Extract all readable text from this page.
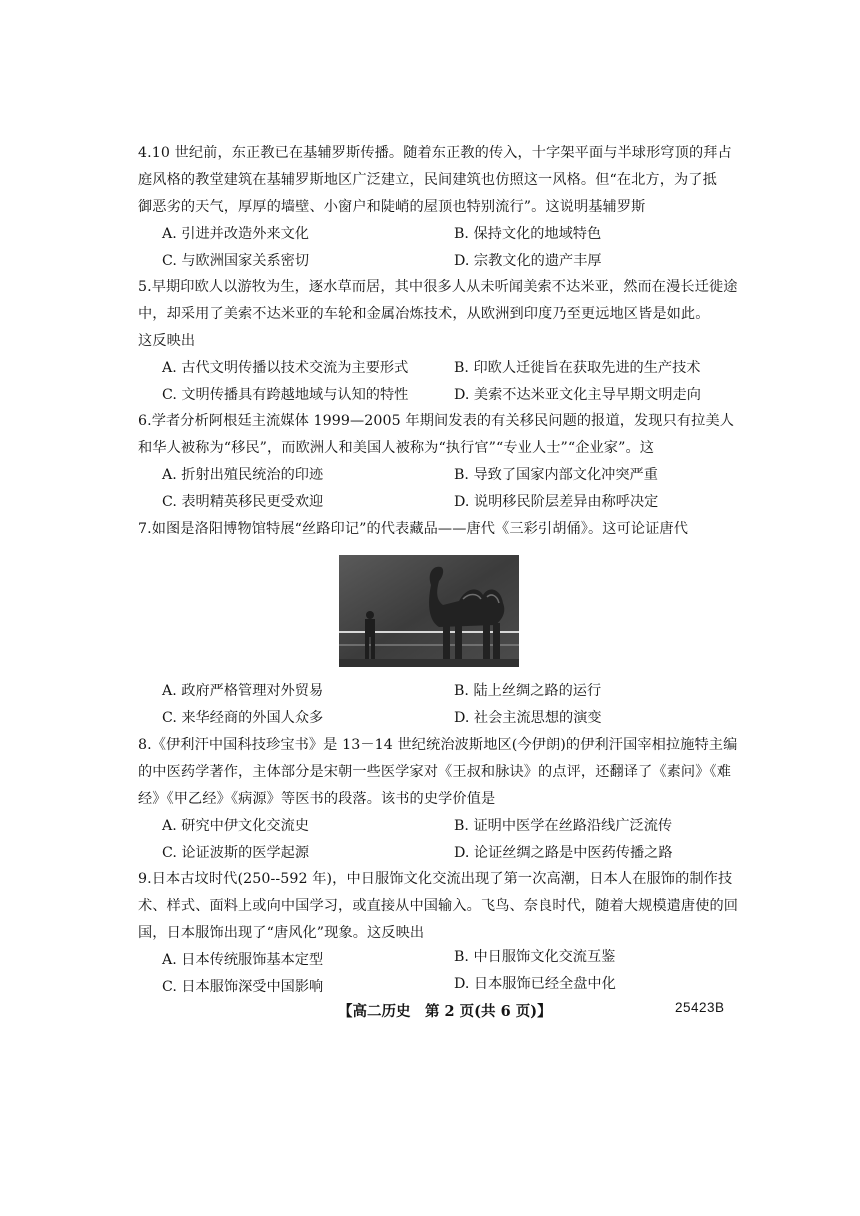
4.10 世纪前，东正教已在基辅罗斯传播。随着东正教的传入，十字架平面与半球形穹顶的拜占
庭风格的教堂建筑在基辅罗斯地区广泛建立，民间建筑也仿照这一风格。但“在北方，为了抵
御恶劣的天气，厚厚的墙壁、小窗户和陡峭的屋顶也特别流行”。这说明基辅罗斯
A. 引进并改造外来文化	B. 保持文化的地域特色
C. 与欧洲国家关系密切	D. 宗教文化的遗产丰厚
5.早期印欧人以游牧为生，逐水草而居，其中很多人从未听闻美索不达米亚，然而在漫长迁徙途
中，却采用了美索不达米亚的车轮和金属冶炼技术，从欧洲到印度乃至更远地区皆是如此。
这反映出
A. 古代文明传播以技术交流为主要形式	B. 印欧人迁徙旨在获取先进的生产技术
C. 文明传播具有跨越地域与认知的特性	D. 美索不达米亚文化主导早期文明走向
6.学者分析阿根廷主流媒体 1999—2005 年期间发表的有关移民问题的报道，发现只有拉美人
和华人被称为“移民”，而欧洲人和美国人被称为“执行官”“专业人士”“企业家”。这
A. 折射出殖民统治的印迹	B. 导致了国家内部文化冲突严重
C. 表明精英移民更受欢迎	D. 说明移民阶层差异由称呼决定
7.如图是洛阳博物馆特展“丝路印记”的代表藏品——唐代《三彩引胡俑》。这可论证唐代
A. 政府严格管理对外贸易	B. 陆上丝绸之路的运行
C. 来华经商的外国人众多	D. 社会主流思想的演变
8.《伊利汗中国科技珍宝书》是 13－14 世纪统治波斯地区(今伊朗)的伊利汗国宰相拉施特主编
的中医药学著作，主体部分是宋朝一些医学家对《王叔和脉诀》的点评，还翻译了《素问》《难
经》《甲乙经》《病源》等医书的段落。该书的史学价值是
A. 研究中伊文化交流史	B. 证明中医学在丝路沿线广泛流传
C. 论证波斯的医学起源	D. 论证丝绸之路是中医药传播之路
9.日本古坟时代(250--592 年)，中日服饰文化交流出现了第一次高潮，日本人在服饰的制作技
术、样式、面料上或向中国学习，或直接从中国输入。飞鸟、奈良时代，随着大规模遣唐使的回
国，日本服饰出现了“唐风化”现象。这反映出
A. 日本传统服饰基本定型	B. 中日服饰文化交流互鉴
C. 日本服饰深受中国影响	D. 日本服饰已经全盘中化
【高二历史　第 2 页(共 6 页)】	25423B
